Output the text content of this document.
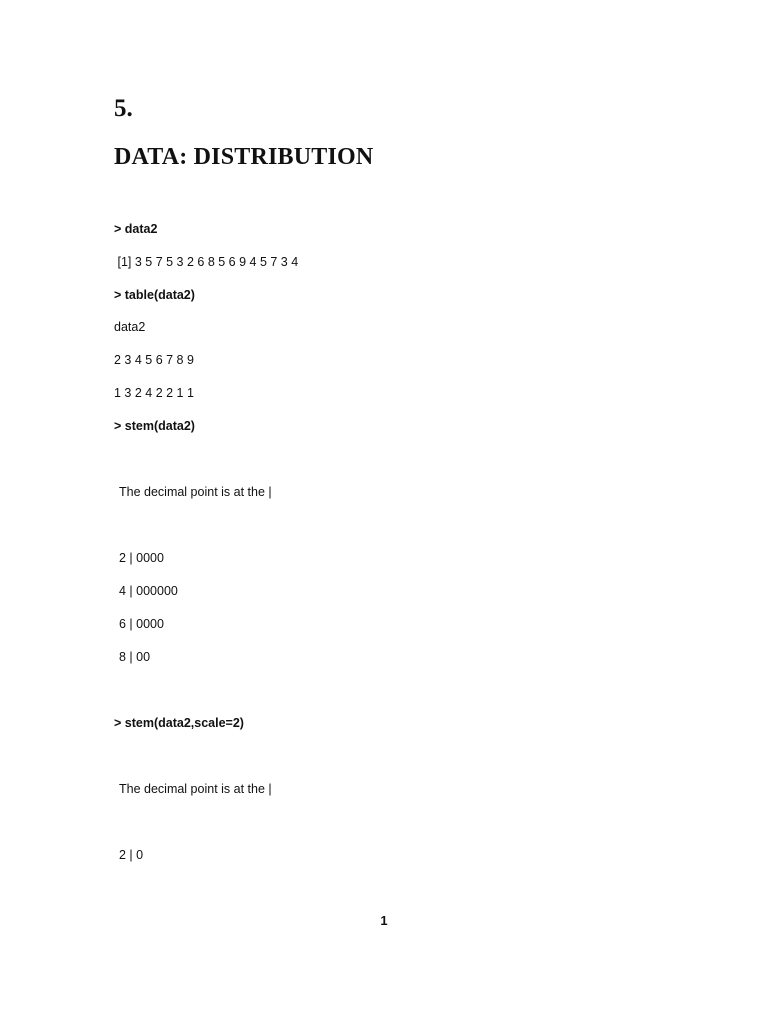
5.
DATA: DISTRIBUTION
> data2
[1] 3 5 7 5 3 2 6 8 5 6 9 4 5 7 3 4
> table(data2)
data2
2 3 4 5 6 7 8 9
1 3 2 4 2 2 1 1
> stem(data2)
The decimal point is at the |
2 | 0000
4 | 000000
6 | 0000
8 | 00
> stem(data2,scale=2)
The decimal point is at the |
2 | 0
1
